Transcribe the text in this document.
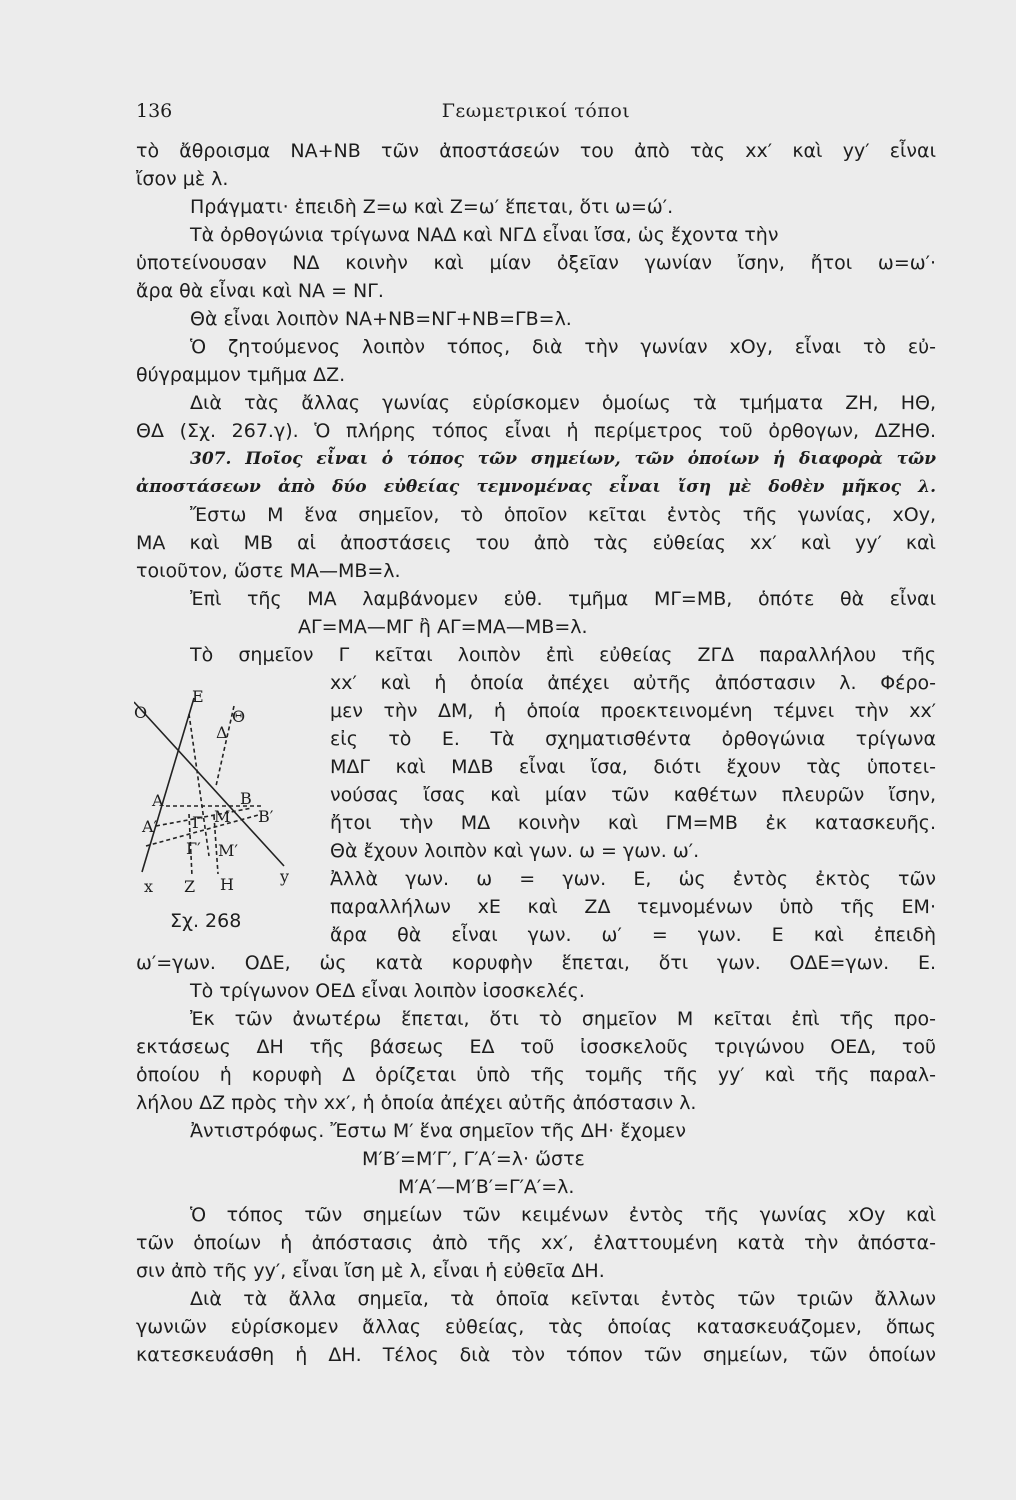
136	Γεωμετρικοί τόποι
τὸ ἄθροισμα ΝΑ+ΝΒ τῶν ἀποστάσεών του ἀπὸ τὰς xx′ καὶ yy′ εἶναι
ἴσον μὲ λ.
Πράγματι· ἐπειδὴ Ζ=ω καὶ Ζ=ω′ ἕπεται, ὅτι ω=ώ′.
Τὰ ὀρθογώνια τρίγωνα ΝΑΔ καὶ ΝΓΔ εἶναι ἴσα, ὡς ἔχοντα τὴν
ὑποτείνουσαν ΝΔ κοινὴν καὶ μίαν ὀξεῖαν γωνίαν ἴσην, ἤτοι ω=ω′·
ἄρα θὰ εἶναι καὶ ΝΑ = ΝΓ.
Θὰ εἶναι λοιπὸν ΝΑ+ΝΒ=ΝΓ+ΝΒ=ΓΒ=λ.
Ὁ ζητούμενος λοιπὸν τόπος, διὰ τὴν γωνίαν xOy, εἶναι τὸ εὐ-
θύγραμμον τμῆμα ΔΖ.
Διὰ τὰς ἄλλας γωνίας εὑρίσκομεν ὁμοίως τὰ τμήματα ΖΗ, ΗΘ,
ΘΔ (Σχ. 267.γ). Ὁ πλήρης τόπος εἶναι ἡ περίμετρος τοῦ ὀρθογων, ΔΖΗΘ.
307. Ποῖος εἶναι ὁ τόπος τῶν σημείων, τῶν ὁποίων ἡ διαφορὰ τῶν
ἀποστάσεων ἀπὸ δύο εὐθείας τεμνομένας εἶναι ἴση μὲ δοθὲν μῆκος λ.
Ἔστω Μ ἕνα σημεῖον, τὸ ὁποῖον κεῖται ἐντὸς τῆς γωνίας, xOy,
ΜΑ καὶ ΜΒ αἱ ἀποστάσεις του ἀπὸ τὰς εὐθείας xx′ καὶ yy′ καὶ
τοιοῦτον, ὥστε ΜΑ—ΜΒ=λ.
Ἐπὶ τῆς ΜΑ λαμβάνομεν εὐθ. τμῆμα ΜΓ=ΜΒ, ὁπότε θὰ εἶναι
ΑΓ=ΜΑ—ΜΓ ἢ ΑΓ=ΜΑ—ΜΒ=λ.
Τὸ σημεῖον Γ κεῖται λοιπὸν ἐπὶ εὐθείας ΖΓΔ παραλλήλου τῆς
xx′ καὶ ἡ ὁποία ἀπέχει αὐτῆς ἀπόστασιν λ. Φέρο-
μεν τὴν ΔΜ, ἡ ὁποία προεκτεινομένη τέμνει τὴν xx′
εἰς τὸ Ε. Τὰ σχηματισθέντα ὀρθογώνια τρίγωνα
ΜΔΓ καὶ ΜΔΒ εἶναι ἴσα, διότι ἔχουν τὰς ὑποτει-
νούσας ἴσας καὶ μίαν τῶν καθέτων πλευρῶν ἴσην,
ἤτοι τὴν ΜΔ κοινὴν καὶ ΓΜ=ΜΒ ἐκ κατασκευῆς.
Θὰ ἔχουν λοιπὸν καὶ γων. ω = γων. ω′.
Ἀλλὰ γων. ω = γων. Ε, ὡς ἐντὸς ἐκτὸς τῶν
παραλλήλων xE καὶ ΖΔ τεμνομένων ὑπὸ τῆς ΕΜ·
ἄρα θὰ εἶναι γων. ω′ = γων. Ε καὶ ἐπειδὴ
ω′=γων. ΟΔΕ, ὡς κατὰ κορυφὴν ἕπεται, ὅτι γων. ΟΔΕ=γων. Ε.
Τὸ τρίγωνον ΟΕΔ εἶναι λοιπὸν ἰσοσκελές.
Ἐκ τῶν ἀνωτέρω ἕπεται, ὅτι τὸ σημεῖον Μ κεῖται ἐπὶ τῆς προ-
εκτάσεως ΔΗ τῆς βάσεως ΕΔ τοῦ ἰσοσκελοῦς τριγώνου ΟΕΔ, τοῦ
ὁποίου ἡ κορυφὴ Δ ὁρίζεται ὑπὸ τῆς τομῆς τῆς yy′ καὶ τῆς παραλ-
λήλου ΔΖ πρὸς τὴν xx′, ἡ ὁποία ἀπέχει αὐτῆς ἀπόστασιν λ.
Ἀντιστρόφως. Ἔστω Μ′ ἕνα σημεῖον τῆς ΔΗ· ἔχομεν
Μ′Β′=Μ′Γ′, Γ′Α′=λ· ὥστε
Μ′Α′—Μ′Β′=Γ′Α′=λ.
Ὁ τόπος τῶν σημείων τῶν κειμένων ἐντὸς τῆς γωνίας xOy καὶ
τῶν ὁποίων ἡ ἀπόστασις ἀπὸ τῆς xx′, ἐλαττουμένη κατὰ τὴν ἀπόστα-
σιν ἀπὸ τῆς yy′, εἶναι ἴση μὲ λ, εἶναι ἡ εὐθεῖα ΔΗ.
Διὰ τὰ ἄλλα σημεῖα, τὰ ὁποῖα κεῖνται ἐντὸς τῶν τριῶν ἄλλων
γωνιῶν εὑρίσκομεν ἄλλας εὐθείας, τὰς ὁποίας κατασκευάζομεν, ὅπως
κατεσκευάσθη ἡ ΔΗ. Τέλος διὰ τὸν τόπον τῶν σημείων, τῶν ὁποίων
E
O	Θ
Δ
A	B
A′
B′
Γ M
Γ′ M′
x Z H	y
Σχ. 268
